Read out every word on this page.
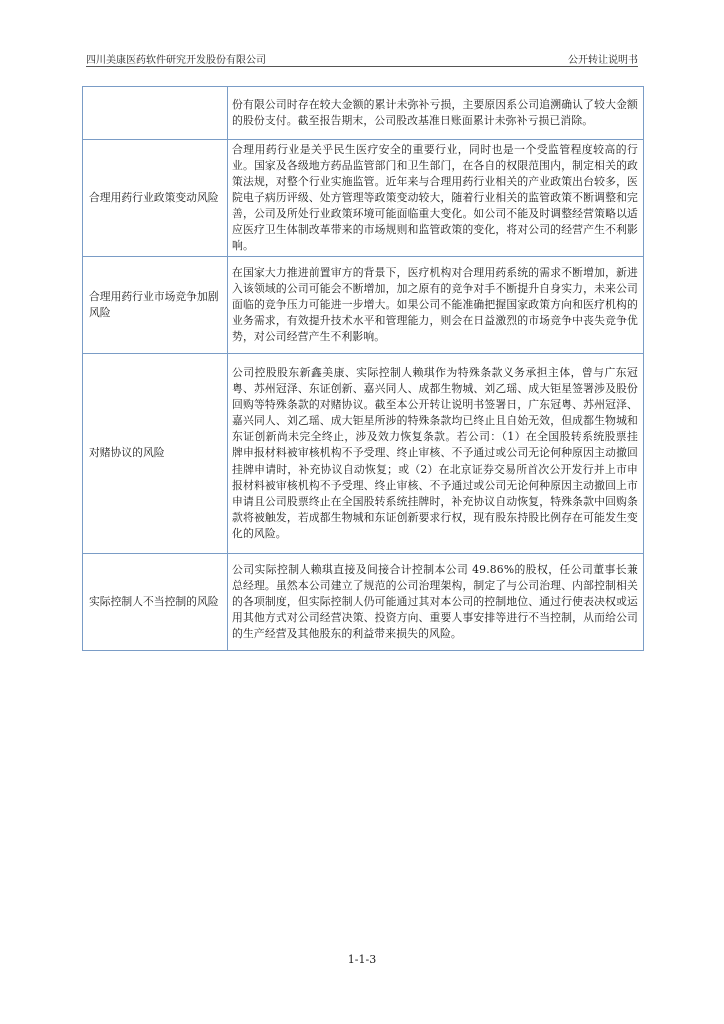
四川美康医药软件研究开发股份有限公司	公开转让说明书
	份有限公司时存在较大金额的累计未弥补亏损，主要原因系公司追溯确认了较大金额的股份支付。截至报告期末，公司股改基准日账面累计未弥补亏损已消除。
合理用药行业政策变动风险	合理用药行业是关乎民生医疗安全的重要行业，同时也是一个受监管程度较高的行业。国家及各级地方药品监管部门和卫生部门，在各自的权限范围内，制定相关的政策法规，对整个行业实施监管。近年来与合理用药行业相关的产业政策出台较多，医院电子病历评级、处方管理等政策变动较大，随着行业相关的监管政策不断调整和完善，公司及所处行业政策环境可能面临重大变化。如公司不能及时调整经营策略以适应医疗卫生体制改革带来的市场规则和监管政策的变化，将对公司的经营产生不利影响。
合理用药行业市场竞争加剧风险	在国家大力推进前置审方的背景下，医疗机构对合理用药系统的需求不断增加，新进入该领域的公司可能会不断增加，加之原有的竞争对手不断提升自身实力，未来公司面临的竞争压力可能进一步增大。如果公司不能准确把握国家政策方向和医疗机构的业务需求，有效提升技术水平和管理能力，则会在日益激烈的市场竞争中丧失竞争优势，对公司经营产生不利影响。
对赌协议的风险	公司控股股东新鑫美康、实际控制人赖琪作为特殊条款义务承担主体，曾与广东冠粤、苏州冠泽、东证创新、嘉兴同人、成都生物城、刘乙瑶、成大钜星签署涉及股份回购等特殊条款的对赌协议。截至本公开转让说明书签署日，广东冠粤、苏州冠泽、嘉兴同人、刘乙瑶、成大钜星所涉的特殊条款均已终止且自始无效，但成都生物城和东证创新尚未完全终止，涉及效力恢复条款。若公司：（1）在全国股转系统股票挂牌申报材料被审核机构不予受理、终止审核、不予通过或公司无论何种原因主动撤回挂牌申请时，补充协议自动恢复；或（2）在北京证券交易所首次公开发行并上市申报材料被审核机构不予受理、终止审核、不予通过或公司无论何种原因主动撤回上市申请且公司股票终止在全国股转系统挂牌时，补充协议自动恢复，特殊条款中回购条款将被触发，若成都生物城和东证创新要求行权，现有股东持股比例存在可能发生变化的风险。
实际控制人不当控制的风险	公司实际控制人赖琪直接及间接合计控制本公司 49.86%的股权，任公司董事长兼总经理。虽然本公司建立了规范的公司治理架构，制定了与公司治理、内部控制相关的各项制度，但实际控制人仍可能通过其对本公司的控制地位、通过行使表决权或运用其他方式对公司经营决策、投资方向、重要人事安排等进行不当控制，从而给公司的生产经营及其他股东的利益带来损失的风险。
1-1-3
